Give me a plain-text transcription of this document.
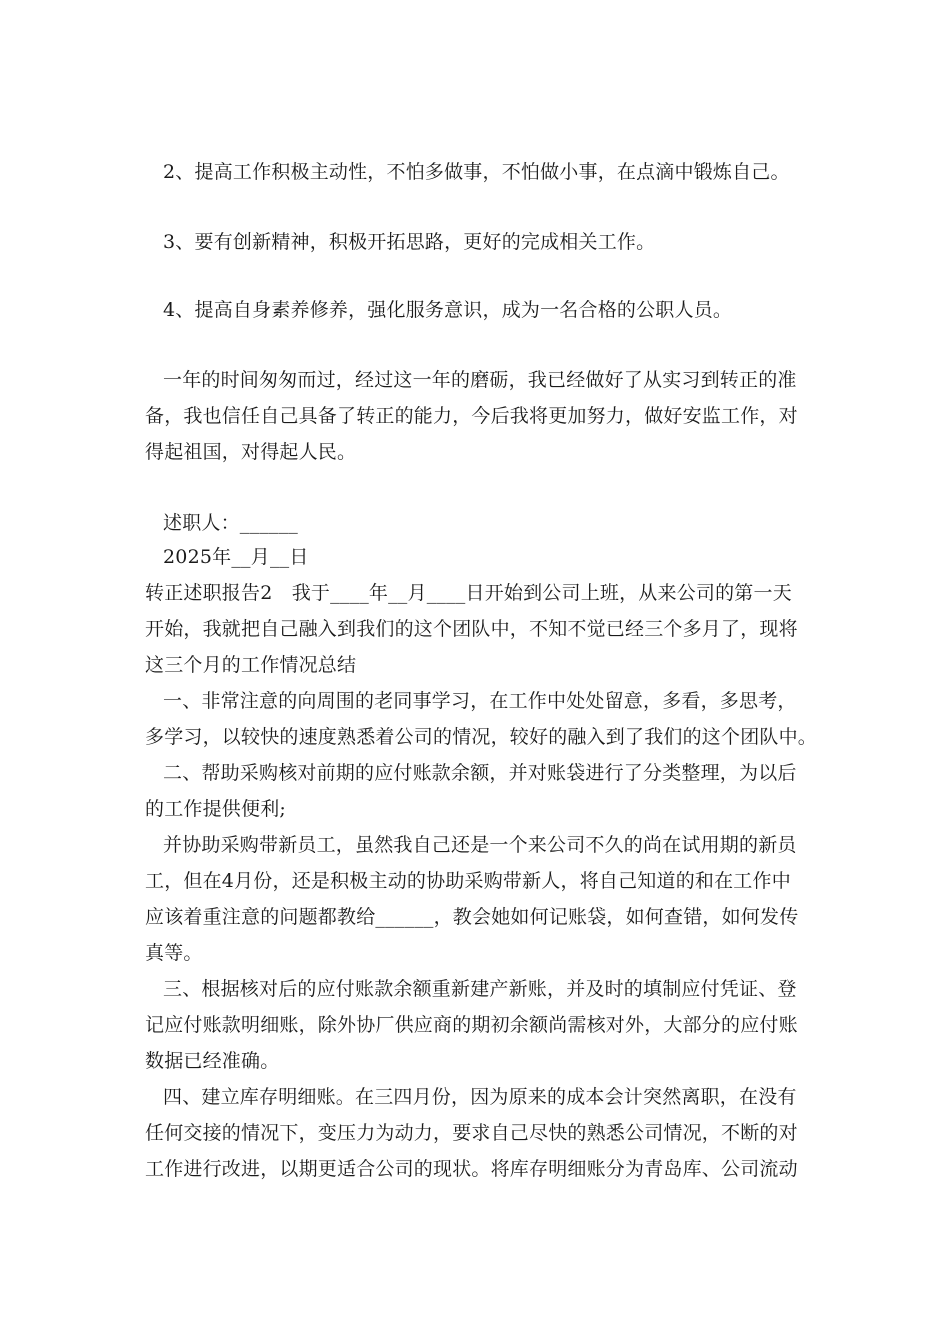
2、提高工作积极主动性，不怕多做事，不怕做小事，在点滴中锻炼自己。
3、要有创新精神，积极开拓思路，更好的完成相关工作。
4、提高自身素养修养，强化服务意识，成为一名合格的公职人员。
一年的时间匆匆而过，经过这一年的磨砺，我已经做好了从实习到转正的准
备，我也信任自己具备了转正的能力，今后我将更加努力，做好安监工作，对
得起祖国，对得起人民。
述职人：______
2025年__月__日
转正述职报告2　我于____年__月____日开始到公司上班，从来公司的第一天
开始，我就把自己融入到我们的这个团队中，不知不觉已经三个多月了，现将
这三个月的工作情况总结
一、非常注意的向周围的老同事学习，在工作中处处留意，多看，多思考，
多学习，以较快的速度熟悉着公司的情况，较好的融入到了我们的这个团队中。
二、帮助采购核对前期的应付账款余额，并对账袋进行了分类整理，为以后
的工作提供便利;
并协助采购带新员工，虽然我自己还是一个来公司不久的尚在试用期的新员
工，但在4月份，还是积极主动的协助采购带新人，将自己知道的和在工作中
应该着重注意的问题都教给______，教会她如何记账袋，如何查错，如何发传
真等。
三、根据核对后的应付账款余额重新建产新账，并及时的填制应付凭证、登
记应付账款明细账，除外协厂供应商的期初余额尚需核对外，大部分的应付账
数据已经准确。
四、建立库存明细账。在三四月份，因为原来的成本会计突然离职，在没有
任何交接的情况下，变压力为动力，要求自己尽快的熟悉公司情况，不断的对
工作进行改进，以期更适合公司的现状。将库存明细账分为青岛库、公司流动
